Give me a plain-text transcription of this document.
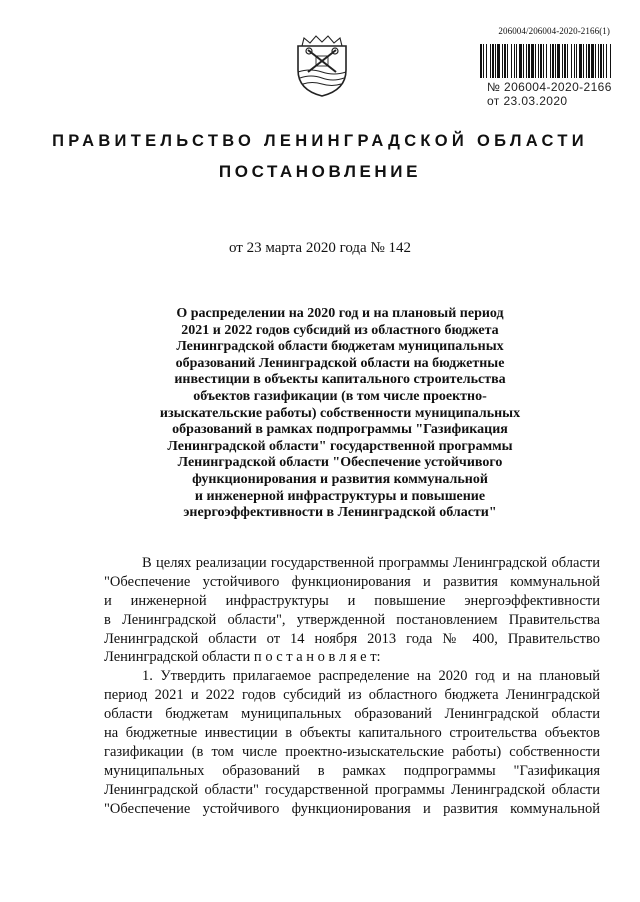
206004/206004-2020-2166(1)
№ 206004-2020-2166
от 23.03.2020
ПРАВИТЕЛЬСТВО ЛЕНИНГРАДСКОЙ ОБЛАСТИ
ПОСТАНОВЛЕНИЕ
от 23 марта 2020 года № 142
О распределении на 2020 год и на плановый период
2021 и 2022 годов субсидий из областного бюджета
Ленинградской области бюджетам муниципальных
образований Ленинградской области на бюджетные
инвестиции в объекты капитального строительства
объектов газификации (в том числе проектно-
изыскательские работы) собственности муниципальных
образований в рамках подпрограммы "Газификация
Ленинградской области" государственной программы
Ленинградской области "Обеспечение устойчивого
функционирования и развития коммунальной
и инженерной инфраструктуры и повышение
энергоэффективности в Ленинградской области"
В целях реализации государственной программы Ленинградской области
"Обеспечение устойчивого функционирования и развития коммунальной
и инженерной инфраструктуры и повышение энергоэффективности
в Ленинградской области", утвержденной постановлением Правительства
Ленинградской области от 14 ноября 2013 года № 400, Правительство
Ленинградской области п о с т а н о в л я е т:
1. Утвердить прилагаемое распределение на 2020 год и на плановый
период 2021 и 2022 годов субсидий из областного бюджета Ленинградской
области бюджетам муниципальных образований Ленинградской области
на бюджетные инвестиции в объекты капитального строительства объектов
газификации (в том числе проектно-изыскательские работы) собственности
муниципальных образований в рамках подпрограммы "Газификация
Ленинградской области" государственной программы Ленинградской области
"Обеспечение устойчивого функционирования и развития коммунальной
